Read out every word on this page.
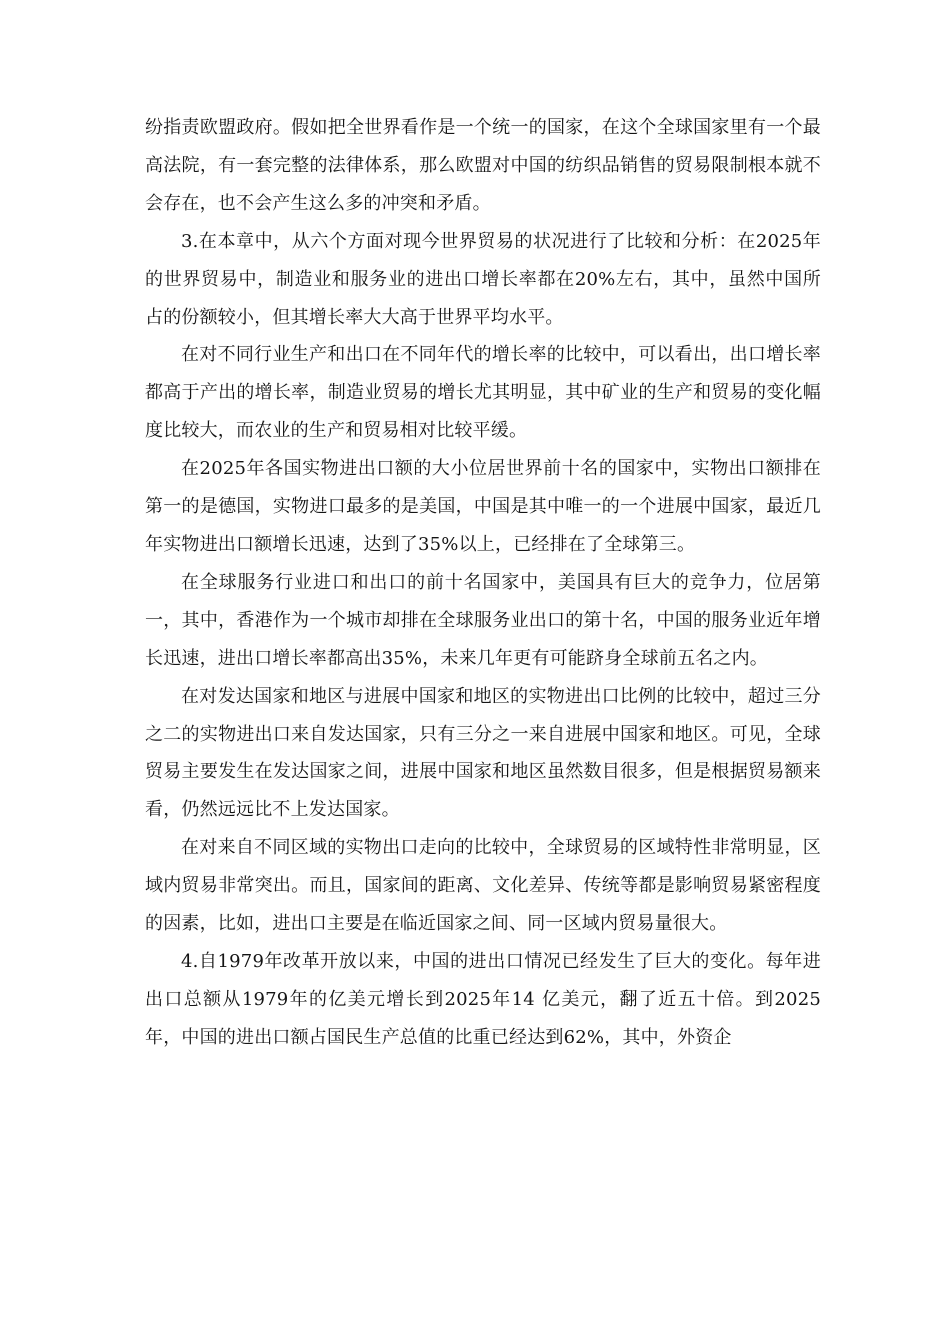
纷指责欧盟政府。假如把全世界看作是一个统一的国家，在这个全球国家里有一个最高法院，有一套完整的法律体系，那么欧盟对中国的纺织品销售的贸易限制根本就不会存在，也不会产生这么多的冲突和矛盾。

3.在本章中，从六个方面对现今世界贸易的状况进行了比较和分析：在2025年的世界贸易中，制造业和服务业的进出口增长率都在20%左右，其中，虽然中国所占的份额较小，但其增长率大大高于世界平均水平。

在对不同行业生产和出口在不同年代的增长率的比较中，可以看出，出口增长率都高于产出的增长率，制造业贸易的增长尤其明显，其中矿业的生产和贸易的变化幅度比较大，而农业的生产和贸易相对比较平缓。

在2025年各国实物进出口额的大小位居世界前十名的国家中，实物出口额排在第一的是德国，实物进口最多的是美国，中国是其中唯一的一个进展中国家，最近几年实物进出口额增长迅速，达到了35%以上，已经排在了全球第三。

在全球服务行业进口和出口的前十名国家中，美国具有巨大的竞争力，位居第一，其中，香港作为一个城市却排在全球服务业出口的第十名，中国的服务业近年增长迅速，进出口增长率都高出35%，未来几年更有可能跻身全球前五名之内。

在对发达国家和地区与进展中国家和地区的实物进出口比例的比较中，超过三分之二的实物进出口来自发达国家，只有三分之一来自进展中国家和地区。可见，全球贸易主要发生在发达国家之间，进展中国家和地区虽然数目很多，但是根据贸易额来看，仍然远远比不上发达国家。

在对来自不同区域的实物出口走向的比较中，全球贸易的区域特性非常明显，区域内贸易非常突出。而且，国家间的距离、文化差异、传统等都是影响贸易紧密程度的因素，比如，进出口主要是在临近国家之间、同一区域内贸易量很大。

4.自1979年改革开放以来，中国的进出口情况已经发生了巨大的变化。每年进出口总额从1979年的亿美元增长到2025年14 亿美元，翻了近五十倍。到2025年，中国的进出口额占国民生产总值的比重已经达到62%，其中，外资企
